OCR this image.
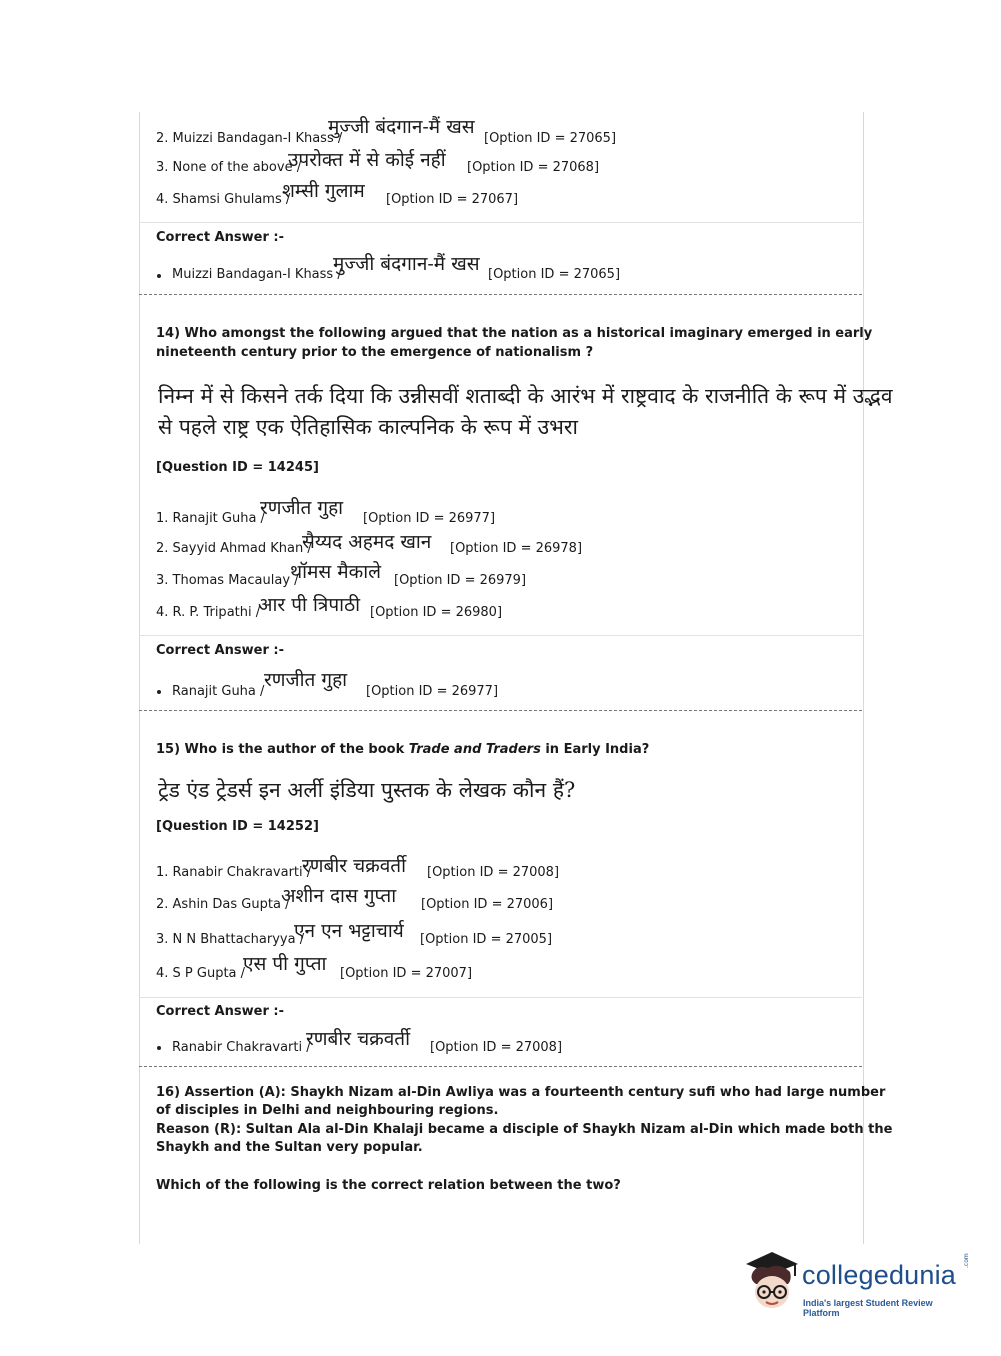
2. Muizzi Bandagan-I Khass /
मुज्जी बंदगान-मैं खस
[Option ID = 27065]
3. None of the above /
उपरोक्त में से कोई नहीं [Option ID = 27068]
4. Shamsi Ghulams /
शम्सी गुलाम [Option ID = 27067]
Correct Answer :-
Muizzi Bandagan-I Khass /
मुज्जी बंदगान-मैं खस [Option ID = 27065]
14) Who amongst the following argued that the nation as a historical imaginary emerged in early
nineteenth century prior to the emergence of nationalism ?
निम्न में से किसने तर्क दिया कि उन्नीसवीं शताब्दी के आरंभ में राष्ट्रवाद के राजनीति के रूप में उद्भव
से पहले राष्ट्र एक ऐतिहासिक काल्पनिक के रूप में उभरा
[Question ID = 14245]
1. Ranajit Guha /
रणजीत गुहा [Option ID = 26977]
2. Sayyid Ahmad Khan /
सैय्यद अहमद खान [Option ID = 26978]
3. Thomas Macaulay /
थॉमस मैकाले [Option ID = 26979]
4. R. P. Tripathi /
आर पी त्रिपाठी [Option ID = 26980]
Correct Answer :-
Ranajit Guha /
रणजीत गुहा
[Option ID = 26977]
15) Who is the author of the book Trade and Traders in Early India?
ट्रेड एंड ट्रेडर्स इन अर्ली इंडिया पुस्तक के लेखक कौन हैं?
[Question ID = 14252]
1. Ranabir Chakravarti /
रणबीर चक्रवर्ती [Option ID = 27008]
2. Ashin Das Gupta /
अशीन दास गुप्ता [Option ID = 27006]
3. N N Bhattacharyya /
एन एन भट्टाचार्य [Option ID = 27005]
4. S P Gupta /
एस पी गुप्ता [Option ID = 27007]
Correct Answer :-
Ranabir Chakravarti /
रणबीर चक्रवर्ती [Option ID = 27008]
16) Assertion (A): Shaykh Nizam al-Din Awliya was a fourteenth century sufi who had large number
of disciples in Delhi and neighbouring regions.
Reason (R): Sultan Ala al-Din Khalaji became a disciple of Shaykh Nizam al-Din which made both the
Shaykh and the Sultan very popular.
Which of the following is the correct relation between the two?
collegedunia .com
India's largest Student Review Platform
